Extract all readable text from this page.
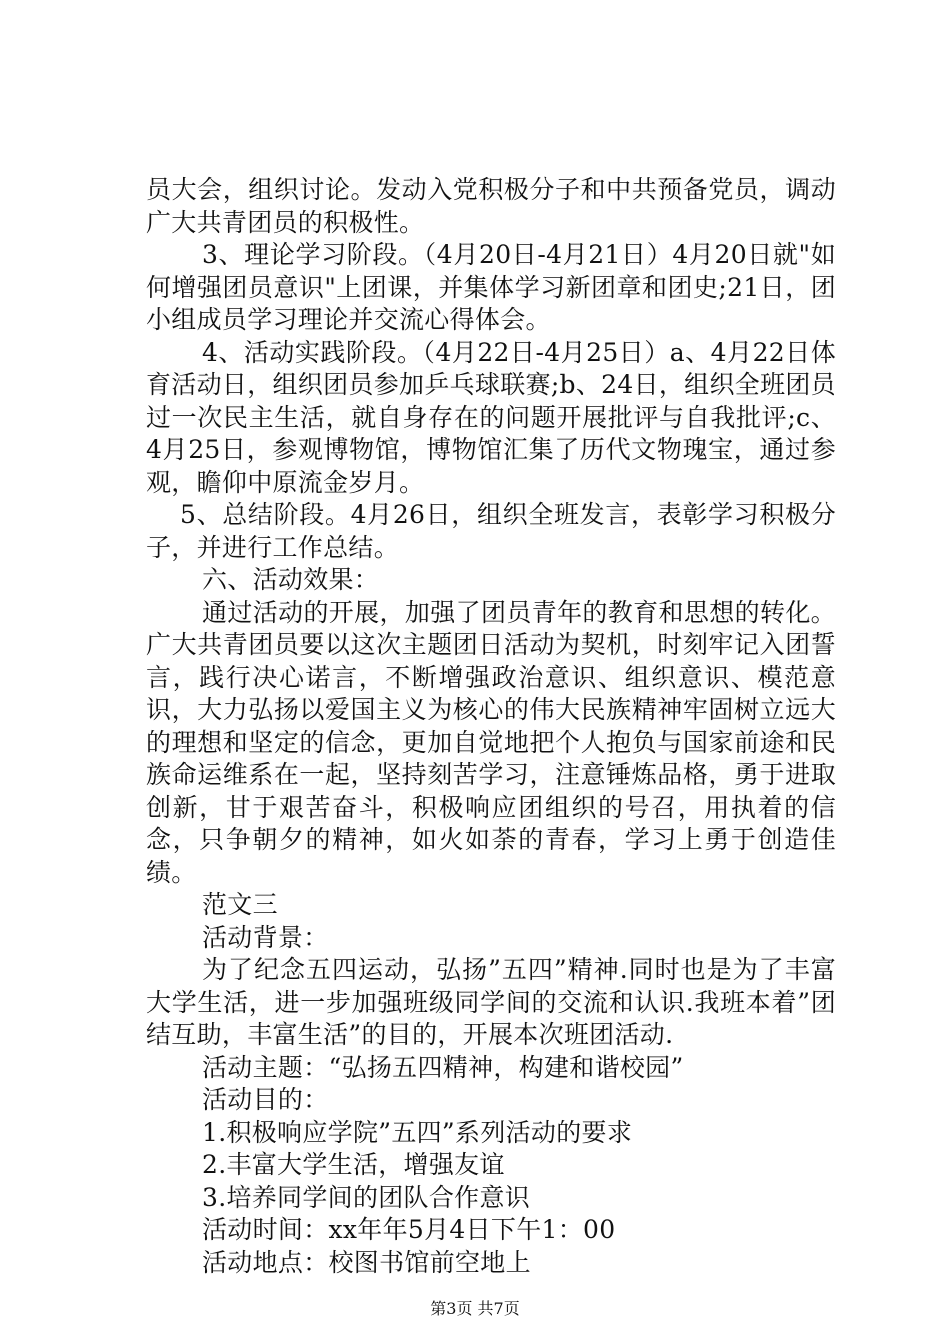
员大会，组织讨论。发动入党积极分子和中共预备党员，调动广大共青团员的积极性。

3、理论学习阶段。（4月20日-4月21日）4月20日就"如何增强团员意识"上团课，并集体学习新团章和团史;21日，团小组成员学习理论并交流心得体会。

4、活动实践阶段。（4月22日-4月25日）a、4月22日体育活动日，组织团员参加乒乓球联赛;b、24日，组织全班团员过一次民主生活，就自身存在的问题开展批评与自我批评;c、4月25日，参观博物馆，博物馆汇集了历代文物瑰宝，通过参观，瞻仰中原流金岁月。

5、总结阶段。4月26日，组织全班发言，表彰学习积极分子，并进行工作总结。

六、活动效果：

通过活动的开展，加强了团员青年的教育和思想的转化。广大共青团员要以这次主题团日活动为契机，时刻牢记入团誓言，践行决心诺言，不断增强政治意识、组织意识、模范意识，大力弘扬以爱国主义为核心的伟大民族精神牢固树立远大的理想和坚定的信念，更加自觉地把个人抱负与国家前途和民族命运维系在一起，坚持刻苦学习，注意锤炼品格，勇于进取创新，甘于艰苦奋斗，积极响应团组织的号召，用执着的信念，只争朝夕的精神，如火如荼的青春，学习上勇于创造佳绩。

范文三

活动背景：

为了纪念五四运动，弘扬”五四”精神.同时也是为了丰富大学生活，进一步加强班级同学间的交流和认识.我班本着”团结互助，丰富生活”的目的，开展本次班团活动.

活动主题：“弘扬五四精神，构建和谐校园”

活动目的：

1.积极响应学院”五四”系列活动的要求

2.丰富大学生活，增强友谊

3.培养同学间的团队合作意识

活动时间：xx年年5月4日下午1：00

活动地点：校图书馆前空地上

第3页 共7页
